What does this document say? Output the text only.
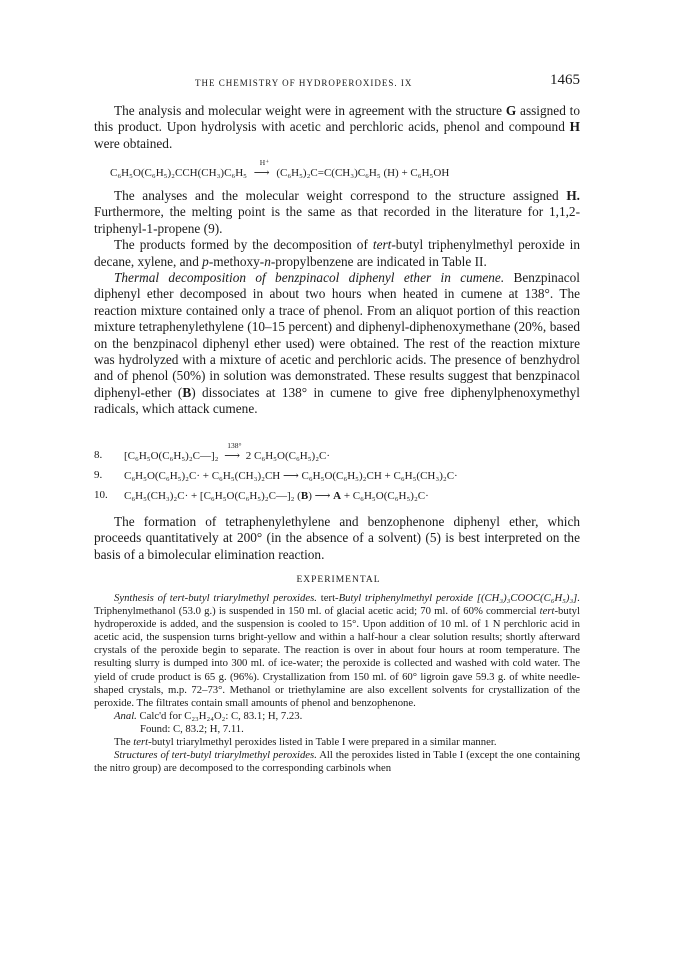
THE CHEMISTRY OF HYDROPEROXIDES. IX	1465

The analysis and molecular weight were in agreement with the structure G assigned to this product. Upon hydrolysis with acetic and perchloric acids, phenol and compound H were obtained.

C₆H₅O(C₆H₅)₂CCH(CH₃)C₆H₅
H⁺
⟶ (C₆H₅)₂C=C(CH₃)C₆H₅ (H) + C₆H₅OH

The analyses and the molecular weight correspond to the structure assigned H. Furthermore, the melting point is the same as that recorded in the literature for 1,1,2-triphenyl-1-propene (9).

The products formed by the decomposition of tert-butyl triphenylmethyl peroxide in decane, xylene, and p-methoxy-n-propylbenzene are indicated in Table II.

Thermal decomposition of benzpinacol diphenyl ether in cumene. Benzpinacol diphenyl ether decomposed in about two hours when heated in cumene at 138°. The reaction mixture contained only a trace of phenol. From an aliquot portion of this reaction mixture tetraphenylethylene (10–15 percent) and diphenyl-diphenoxymethane (20%, based on the benzpinacol diphenyl ether used) were obtained. The rest of the reaction mixture was hydrolyzed with a mixture of acetic and perchloric acids. The presence of benzhydrol and of phenol (50%) in solution was demonstrated. These results suggest that benzpinacol diphenyl-ether (B) dissociates at 138° in cumene to give free diphenylphenoxymethyl radicals, which attack cumene.

8. [C₆H₅O(C₆H₅)₂C—]₂
138°
⟶ 2 C₆H₅O(C₆H₅)₂C·
9. C₆H₅O(C₆H₅)₂C· + C₆H₅(CH₃)₂CH ⟶ C₆H₅O(C₆H₅)₂CH + C₆H₅(CH₃)₂C·
10. C₆H₅(CH₃)₂C· + [C₆H₅O(C₆H₅)₂C—]₂ (B) ⟶ A + C₆H₅O(C₆H₅)₂C·

The formation of tetraphenylethylene and benzophenone diphenyl ether, which proceeds quantitatively at 200° (in the absence of a solvent) (5) is best interpreted on the basis of a bimolecular elimination reaction.

EXPERIMENTAL

Synthesis of tert-butyl triarylmethyl peroxides. tert-Butyl triphenylmethyl peroxide [(CH₃)₃COOC(C₆H₅)₃]. Triphenylmethanol (53.0 g.) is suspended in 150 ml. of glacial acetic acid; 70 ml. of 60% commercial tert-butyl hydroperoxide is added, and the suspension is cooled to 15°. Upon addition of 10 ml. of 1 N perchloric acid in acetic acid, the suspension turns bright-yellow and within a half-hour a clear solution results; shortly afterward crystals of the peroxide begin to separate. The reaction is over in about four hours at room temperature. The resulting slurry is dumped into 300 ml. of ice-water; the peroxide is collected and washed with cold water. The yield of crude product is 65 g. (96%). Crystallization from 150 ml. of 60° ligroin gave 59.3 g. of white needle-shaped crystals, m.p. 72–73°. Methanol or triethylamine are also excellent solvents for crystallization of the peroxide. The filtrates contain small amounts of phenol and benzophenone.

Anal. Calc'd for C₂₃H₂₄O₂: C, 83.1; H, 7.23.

Found: C, 83.2; H, 7.11.

The tert-butyl triarylmethyl peroxides listed in Table I were prepared in a similar manner.

Structures of tert-butyl triarylmethyl peroxides. All the peroxides listed in Table I (except the one containing the nitro group) are decomposed to the corresponding carbinols when
